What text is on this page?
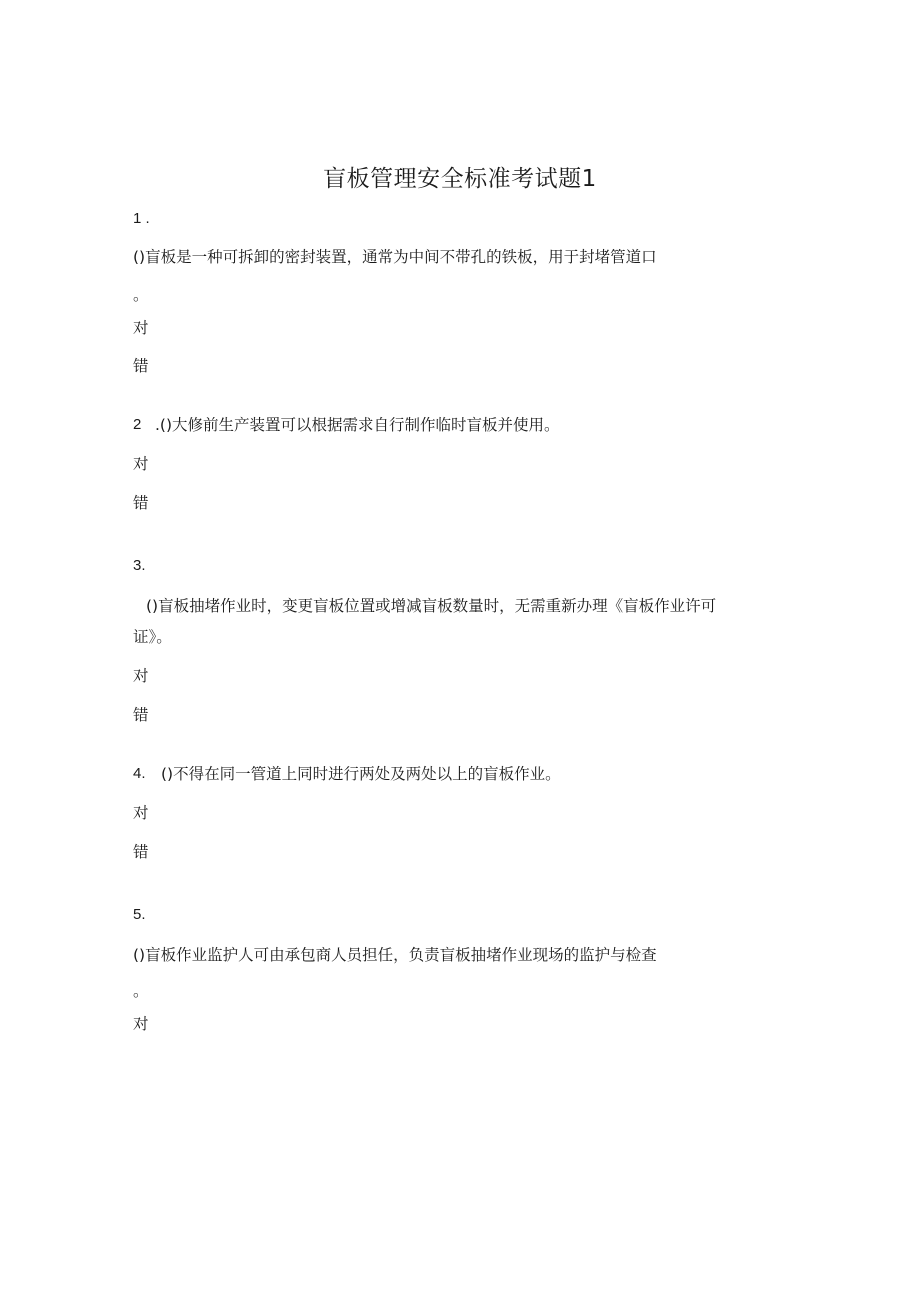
盲板管理安全标准考试题1
1 .
()盲板是一种可拆卸的密封装置，通常为中间不带孔的铁板，用于封堵管道口
。
对
错
2 .()大修前生产装置可以根据需求自行制作临时盲板并使用。
对
错
3.
()盲板抽堵作业时，变更盲板位置或增减盲板数量时，无需重新办理《盲板作业许可
证》。
对
错
4. ()不得在同一管道上同时进行两处及两处以上的盲板作业。
对
错
5.
()盲板作业监护人可由承包商人员担任，负责盲板抽堵作业现场的监护与检查
。
对
